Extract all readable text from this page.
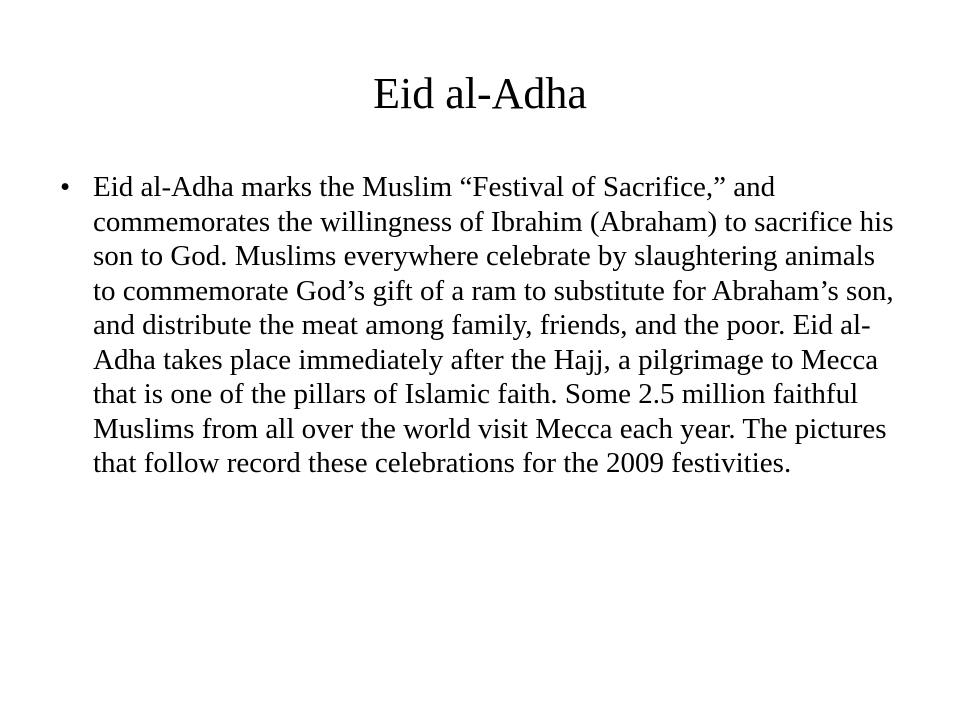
Eid al-Adha
• Eid al-Adha marks the Muslim “Festival of Sacrifice,” and commemorates the willingness of Ibrahim (Abraham) to sacrifice his son to God. Muslims everywhere celebrate by slaughtering animals to commemorate God’s gift of a ram to substitute for Abraham’s son, and distribute the meat among family, friends, and the poor. Eid al-Adha takes place immediately after the Hajj, a pilgrimage to Mecca that is one of the pillars of Islamic faith. Some 2.5 million faithful Muslims from all over the world visit Mecca each year. The pictures that follow record these celebrations for the 2009 festivities.
